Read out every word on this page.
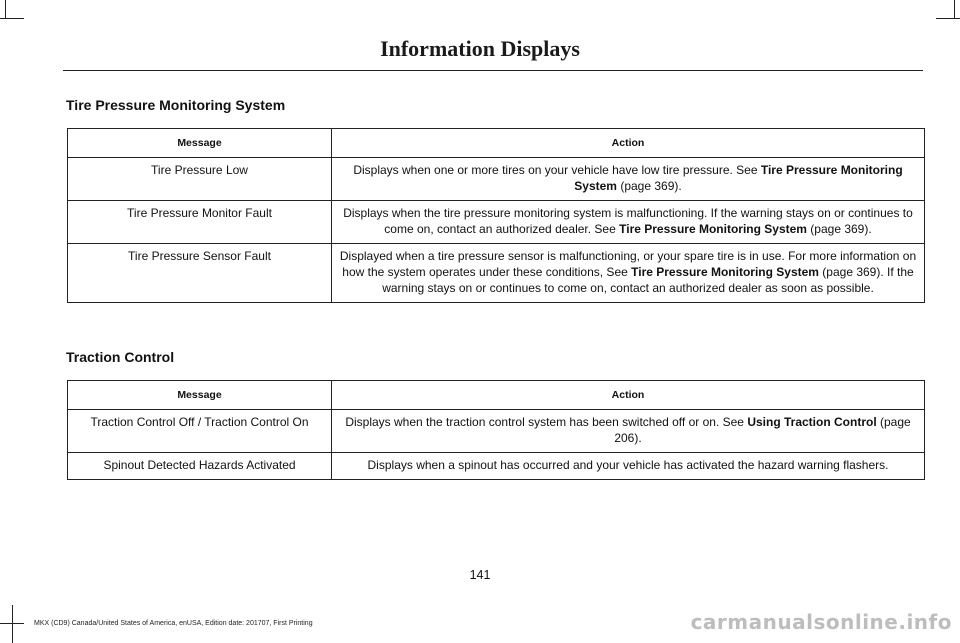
Information Displays
Tire Pressure Monitoring System
Message	Action
Tire Pressure Low	Displays when one or more tires on your vehicle have low tire pressure. See Tire Pressure Monitoring System (page 369).
Tire Pressure Monitor Fault	Displays when the tire pressure monitoring system is malfunctioning. If the warning stays on or continues to come on, contact an authorized dealer. See Tire Pressure Monitoring System (page 369).
Tire Pressure Sensor Fault	Displayed when a tire pressure sensor is malfunctioning, or your spare tire is in use. For more information on how the system operates under these conditions, See Tire Pressure Monitoring System (page 369). If the warning stays on or continues to come on, contact an authorized dealer as soon as possible.
Traction Control
Message	Action
Traction Control Off / Traction Control On	Displays when the traction control system has been switched off or on. See Using Traction Control (page 206).
Spinout Detected Hazards Activated	Displays when a spinout has occurred and your vehicle has activated the hazard warning flashers.
141
MKX (CD9) Canada/United States of America, enUSA, Edition date: 201707, First Printing	carmanualsonline.info
